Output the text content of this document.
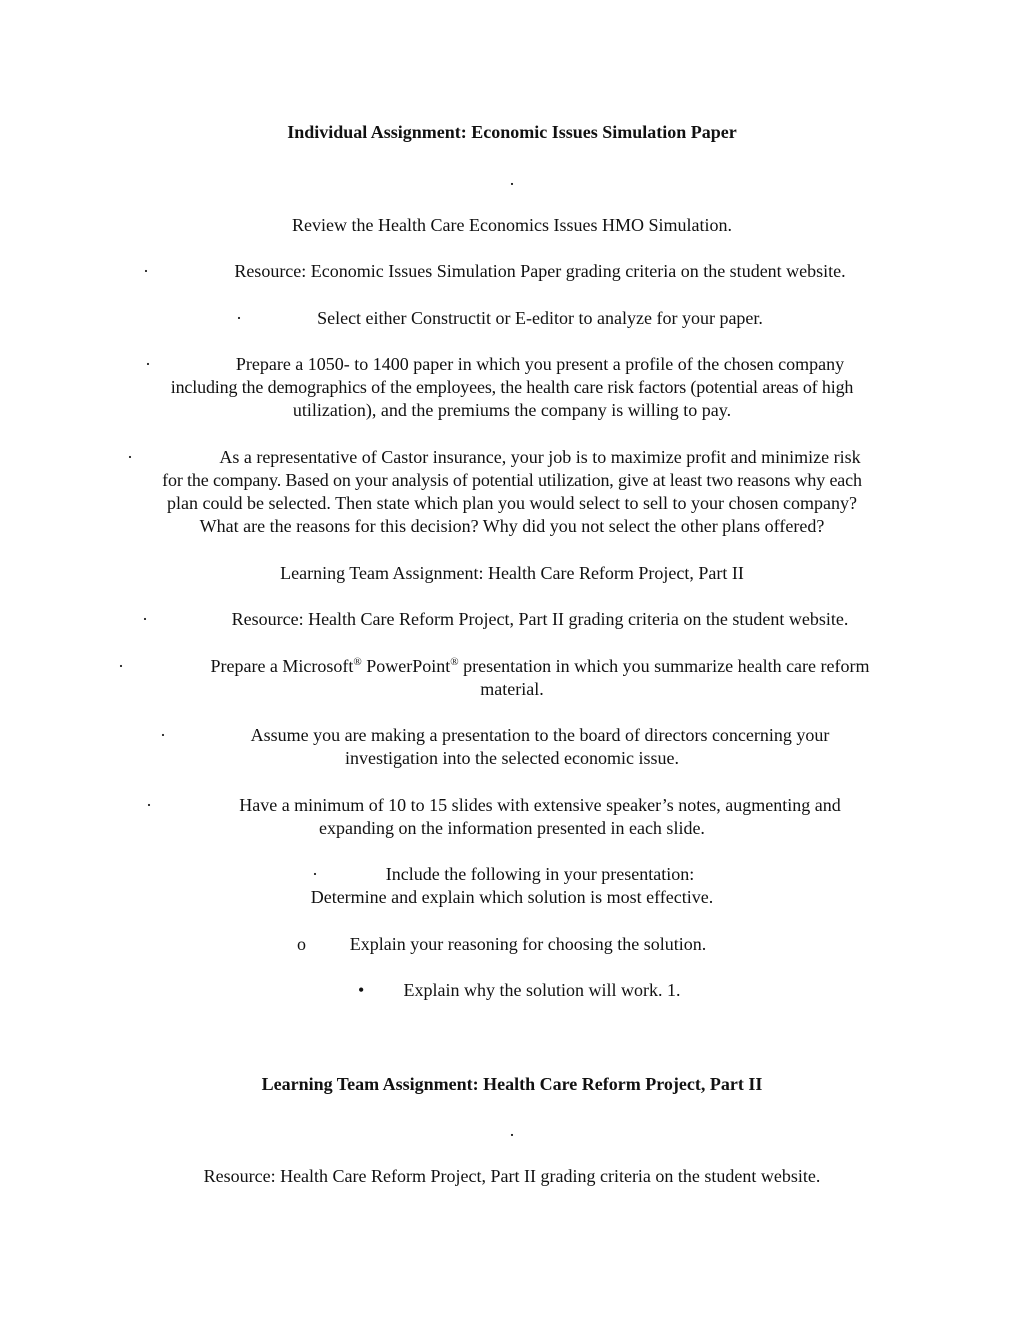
Individual Assignment: Economic Issues Simulation Paper
.
Review the Health Care Economics Issues HMO Simulation.
·	Resource: Economic Issues Simulation Paper grading criteria on the student website.
·	Select either Constructit or E-editor to analyze for your paper.
·	Prepare a 1050- to 1400 paper in which you present a profile of the chosen company
including the demographics of the employees, the health care risk factors (potential areas of high
utilization), and the premiums the company is willing to pay.
·	As a representative of Castor insurance, your job is to maximize profit and minimize risk
for the company. Based on your analysis of potential utilization, give at least two reasons why each
plan could be selected. Then state which plan you would select to sell to your chosen company?
What are the reasons for this decision? Why did you not select the other plans offered?
Learning Team Assignment: Health Care Reform Project, Part II
·	Resource: Health Care Reform Project, Part II grading criteria on the student website.
·	Prepare a Microsoft® PowerPoint® presentation in which you summarize health care reform
material.
·	Assume you are making a presentation to the board of directors concerning your
investigation into the selected economic issue.
·	Have a minimum of 10 to 15 slides with extensive speaker’s notes, augmenting and
expanding on the information presented in each slide.
·	Include the following in your presentation:
Determine and explain which solution is most effective.
o	Explain your reasoning for choosing the solution.
•	Explain why the solution will work. 1.
Learning Team Assignment: Health Care Reform Project, Part II
.
Resource: Health Care Reform Project, Part II grading criteria on the student website.
